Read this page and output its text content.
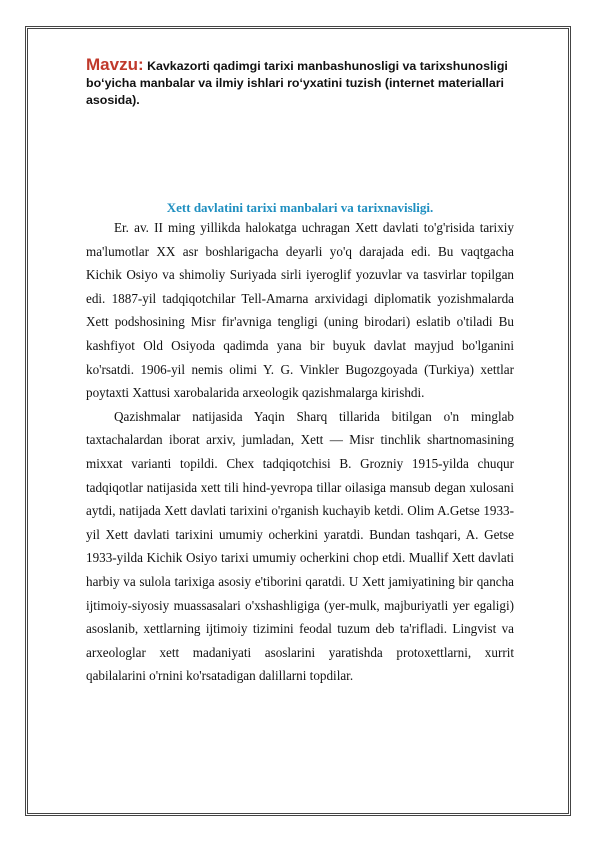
Mavzu: Kavkazorti qadimgi tarixi manbashunosligi va tarixshunosligi bo‘yicha manbalar va ilmiy ishlari ro‘yxatini tuzish (internet materiallari asosida).
Xett davlatini tarixi manbalari va tarixnavisligi.

Er. av. II ming yillikda halokatga uchragan Xett davlati to'g'risida tarixiy ma'lumotlar XX asr boshlarigacha deyarli yo'q darajada edi. Bu vaqtgacha Kichik Osiyo va shimoliy Suriyada sirli iyeroglif yozuvlar va tasvirlar topilgan edi. 1887-yil tadqiqotchilar Tell-Amarna arxividagi diplomatik yozishmalarda Xett podshosining Misr fir'avniga tengligi (uning birodari) eslatib o'tiladi Bu kashfiyot Old Osiyoda qadimda yana bir buyuk davlat mayjud bo'lganini ko'rsatdi. 1906-yil nemis olimi Y. G. Vinkler Bugozgoyada (Turkiya) xettlar poytaxti Xattusi xarobalarida arxeologik qazishmalarga kirishdi.

Qazishmalar natijasida Yaqin Sharq tillarida bitilgan o'n minglab taxtachalardan iborat arxiv, jumladan, Xett — Misr tinchlik shartnomasining mixxat varianti topildi. Chex tadqiqotchisi B. Grozniy 1915-yilda chuqur tadqiqotlar natijasida xett tili hind-yevropa tillar oilasiga mansub degan xulosani aytdi, natijada Xett davlati tarixini o'rganish kuchayib ketdi. Olim A.Getse 1933-yil Xett davlati tarixini umumiy ocherkini yaratdi. Bundan tashqari, A. Getse 1933-yilda Kichik Osiyo tarixi umumiy ocherkini chop etdi. Muallif Xett davlati harbiy va sulola tarixiga asosiy e'tiborini qaratdi. U Xett jamiyatining bir qancha ijtimoiy-siyosiy muassasalari o'xshashligiga (yer-mulk, majburiyatli yer egaligi) asoslanib, xettlarning ijtimoiy tizimini feodal tuzum deb ta'rifladi. Lingvist va arxeologlar xett madaniyati asoslarini yaratishda protoxettlarni, xurrit qabilalarini o'rnini ko'rsatadigan dalillarni topdilar.
